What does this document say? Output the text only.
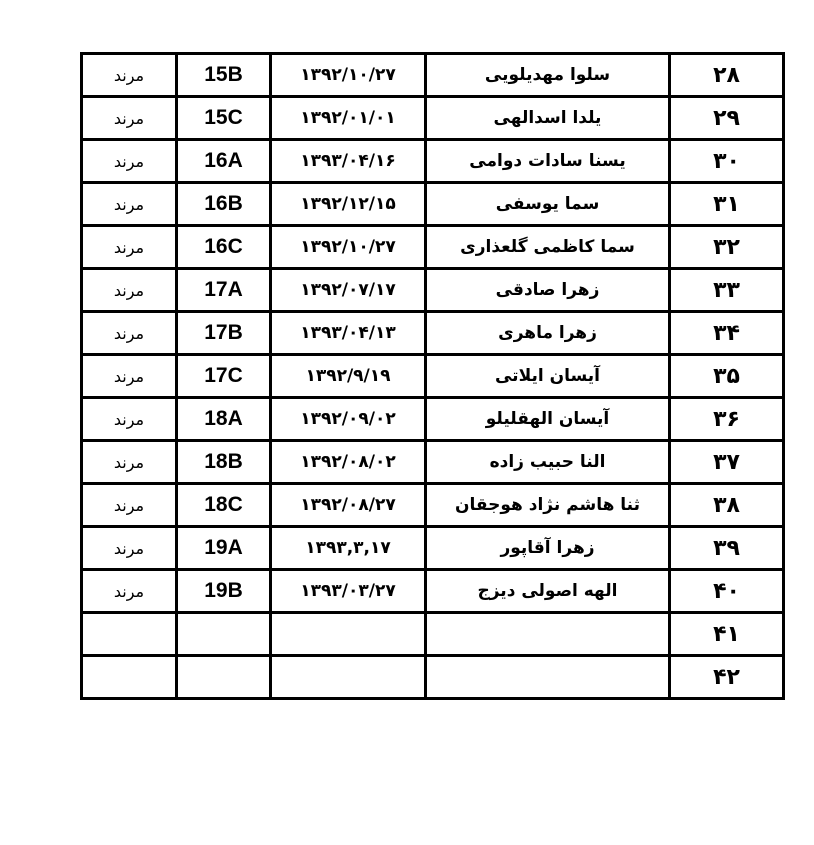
مرند	15B	۱۳۹۲/۱۰/۲۷	سلوا مهدیلویی	۲۸
مرند	15C	۱۳۹۲/۰۱/۰۱	یلدا اسدالهی	۲۹
مرند	16A	۱۳۹۳/۰۴/۱۶	یسنا سادات دوامی	۳۰
مرند	16B	۱۳۹۲/۱۲/۱۵	سما یوسفی	۳۱
مرند	16C	۱۳۹۲/۱۰/۲۷	سما کاظمی گلعذاری	۳۲
مرند	17A	۱۳۹۲/۰۷/۱۷	زهرا صادقی	۳۳
مرند	17B	۱۳۹۳/۰۴/۱۳	زهرا ماهری	۳۴
مرند	17C	۱۳۹۲/۹/۱۹	آیسان ایلاتی	۳۵
مرند	18A	۱۳۹۲/۰۹/۰۲	آیسان الهقلیلو	۳۶
مرند	18B	۱۳۹۲/۰۸/۰۲	النا حبیب زاده	۳۷
مرند	18C	۱۳۹۲/۰۸/۲۷	ثنا هاشم نژاد هوجقان	۳۸
مرند	19A	۱۳۹۳,۳,۱۷	زهرا آقاپور	۳۹
مرند	19B	۱۳۹۳/۰۳/۲۷	الهه اصولی دیزج	۴۰
				۴۱
				۴۲
